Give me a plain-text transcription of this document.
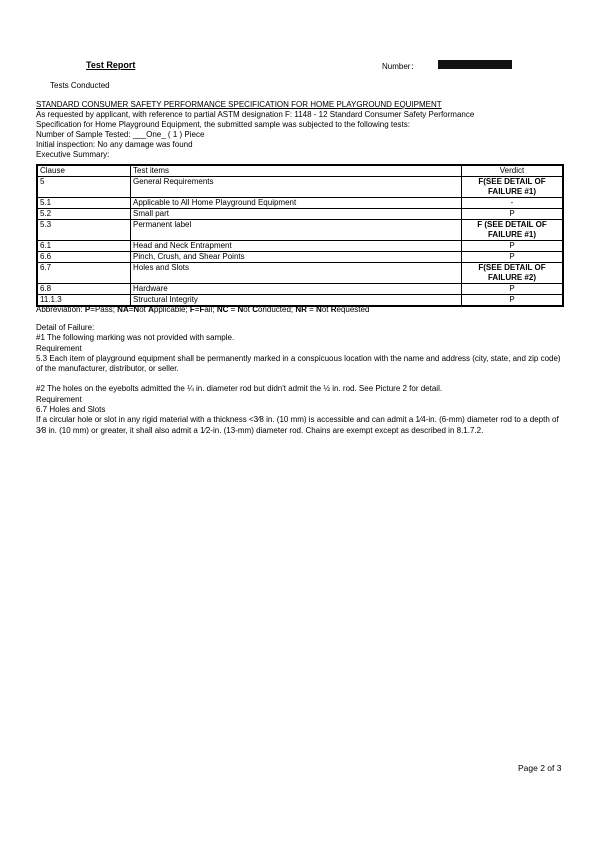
Test Report	Number：
Tests Conducted
STANDARD CONSUMER SAFETY PERFORMANCE SPECIFICATION FOR HOME PLAYGROUND EQUIPMENT
As requested by applicant, with reference to partial ASTM designation F: 1148 - 12 Standard Consumer Safety Performance
Specification for Home Playground Equipment, the submitted sample was subjected to the following tests:
Number of Sample Tested: ___One_ ( 1 ) Piece
Initial inspection: No any damage was found
Executive Summary:
Clause	Test items	Verdict
5	General Requirements	F(SEE DETAIL OF FAILURE #1)
5.1	Applicable to All Home Playground Equipment	-
5.2	Small part	P
5.3	Permanent label	F (SEE DETAIL OF FAILURE #1)
6.1	Head and Neck Entrapment	P
6.6	Pinch, Crush, and Shear Points	P
6.7	Holes and Slots	F(SEE DETAIL OF FAILURE #2)
6.8	Hardware	P
11.1.3	Structural Integrity	P
Abbreviation: P=Pass; NA=Not Applicable; F=Fail; NC = Not Conducted; NR = Not Requested

Detail of Failure:

#1 The following marking was not provided with sample.

Requirement

5.3 Each item of playground equipment shall be permanently marked in a conspicuous location with the name and address (city, state, and zip code) of the manufacturer, distributor, or seller.

#2 The holes on the eyebolts admitted the ¼ in. diameter rod but didn't admit the ½ in. rod. See Picture 2 for detail.

Requirement

6.7 Holes and Slots

If a circular hole or slot in any rigid material with a thickness <3⁄8 in. (10 mm) is accessible and can admit a 1⁄4-in. (6-mm) diameter rod to a depth of 3⁄8 in. (10 mm) or greater, it shall also admit a 1⁄2-in. (13-mm) diameter rod. Chains are exempt except as described in 8.1.7.2.

Page 2 of 3
